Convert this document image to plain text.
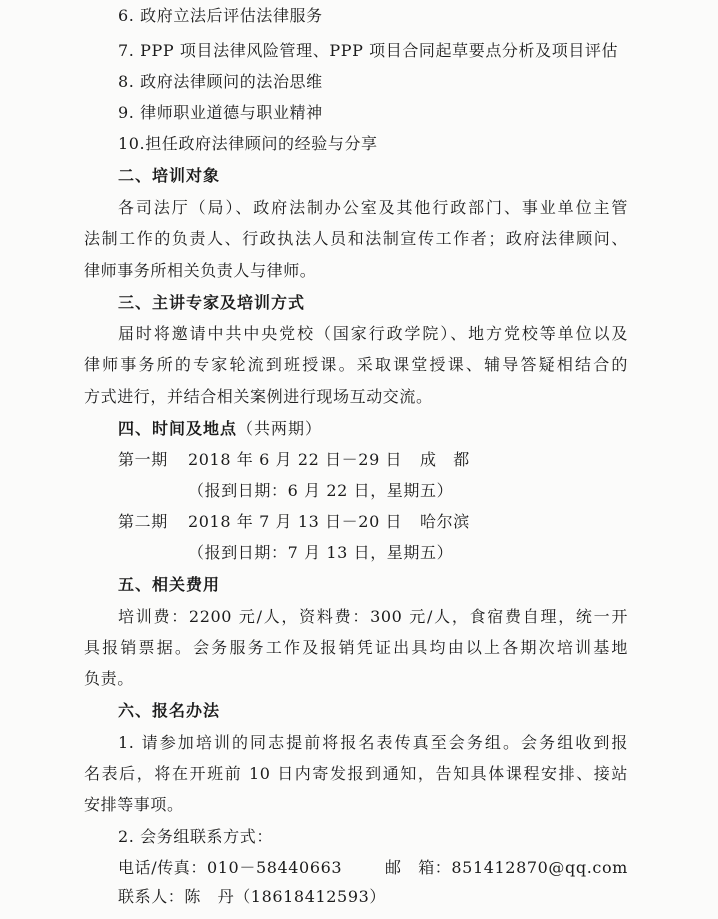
6. 政府立法后评估法律服务
7. PPP 项目法律风险管理、PPP 项目合同起草要点分析及项目评估
8. 政府法律顾问的法治思维
9. 律师职业道德与职业精神
10.担任政府法律顾问的经验与分享
二、培训对象
各司法厅（局）、政府法制办公室及其他行政部门、事业单位主管
法制工作的负责人、行政执法人员和法制宣传工作者；政府法律顾问、
律师事务所相关负责人与律师。
三、主讲专家及培训方式
届时将邀请中共中央党校（国家行政学院）、地方党校等单位以及
律师事务所的专家轮流到班授课。采取课堂授课、辅导答疑相结合的
方式进行，并结合相关案例进行现场互动交流。
四、时间及地点（共两期）
第一期 2018 年 6 月 22 日－29 日 成　都
（报到日期：6 月 22 日，星期五）
第二期 2018 年 7 月 13 日－20 日 哈尔滨
（报到日期：7 月 13 日，星期五）
五、相关费用
培训费：2200 元/人，资料费：300 元/人，食宿费自理，统一开
具报销票据。会务服务工作及报销凭证出具均由以上各期次培训基地
负责。
六、报名办法
1. 请参加培训的同志提前将报名表传真至会务组。会务组收到报
名表后，将在开班前 10 日内寄发报到通知，告知具体课程安排、接站
安排等事项。
2. 会务组联系方式：
电话/传真：010－58440663	邮　箱：851412870@qq.com
联系人：陈　丹（18618412593）
